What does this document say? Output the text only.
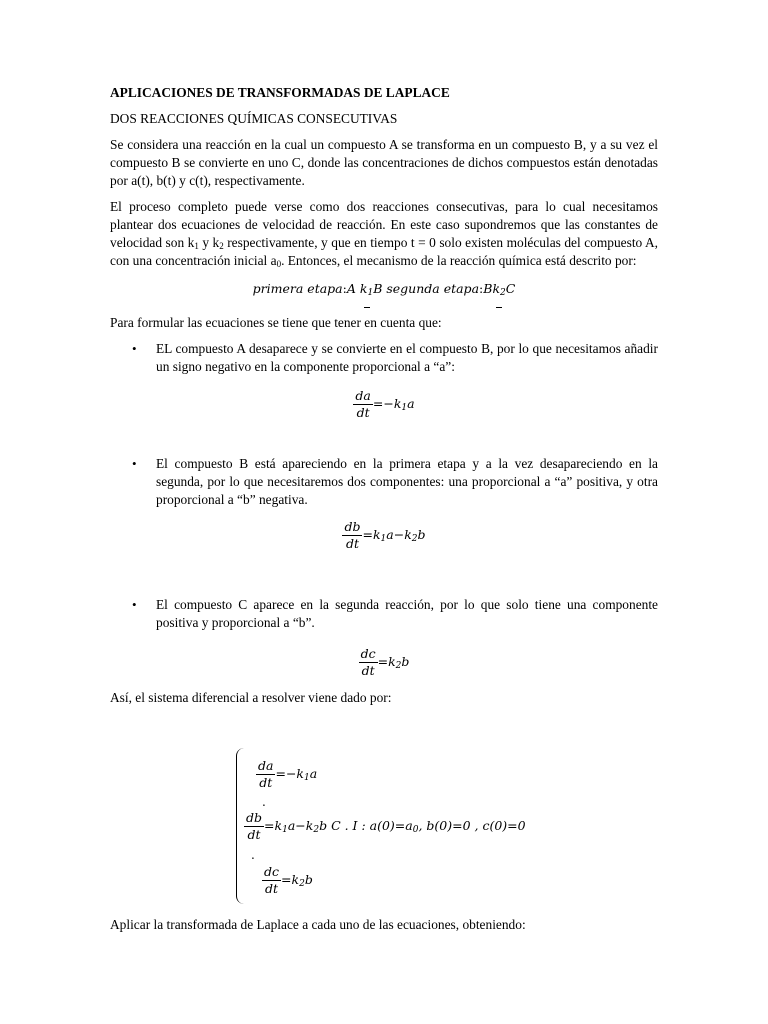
APLICACIONES DE TRANSFORMADAS DE LAPLACE

DOS REACCIONES QUÍMICAS CONSECUTIVAS

Se considera una reacción en la cual un compuesto A se transforma en un compuesto B, y a su vez el compuesto B se convierte en uno C, donde las concentraciones de dichos compuestos están denotadas por a(t), b(t) y c(t), respectivamente.

El proceso completo puede verse como dos reacciones consecutivas, para lo cual necesitamos plantear dos ecuaciones de velocidad de reacción. En este caso supondremos que las constantes de velocidad son $k_1$ y $k_2$ respectivamente, y que en tiempo t = 0 solo existen moléculas del compuesto A, con una concentración inicial $a_0$. Entonces, el mecanismo de la reacción química está descrito por:

primera etapa:A $k_1B$ segunda $etapa:Bk_2C$

Para formular las ecuaciones se tiene que tener en cuenta que:

• EL compuesto A desaparece y se convierte en el compuesto B, por lo que necesitamos añadir un signo negativo en la componente proporcional a “a”:
$\frac{da}{dt} =-k_1a$
• El compuesto B está apareciendo en la primera etapa y a la vez desapareciendo en la segunda, por lo que necesitaremos dos componentes: una proporcional a “a” positiva, y otra proporcional a “b” negativa.
$\frac{db}{dt} =k_1a-k_2b$
• El compuesto C aparece en la segunda reacción, por lo que solo tiene una componente positiva y proporcional a “b”.
$\frac{dc}{dt} =k_2b$

Así, el sistema diferencial a resolver viene dado por:

$\frac{da}{dt} =-k_1a$
.
$\frac{db}{dt} =k_1a-k_2b$ C . I : $a(0)=a_0$, b(0)=0 , c(0)=0
.
$\frac{dc}{dt} =k_2b$

Aplicar la transformada de Laplace a cada uno de las ecuaciones, obteniendo:
